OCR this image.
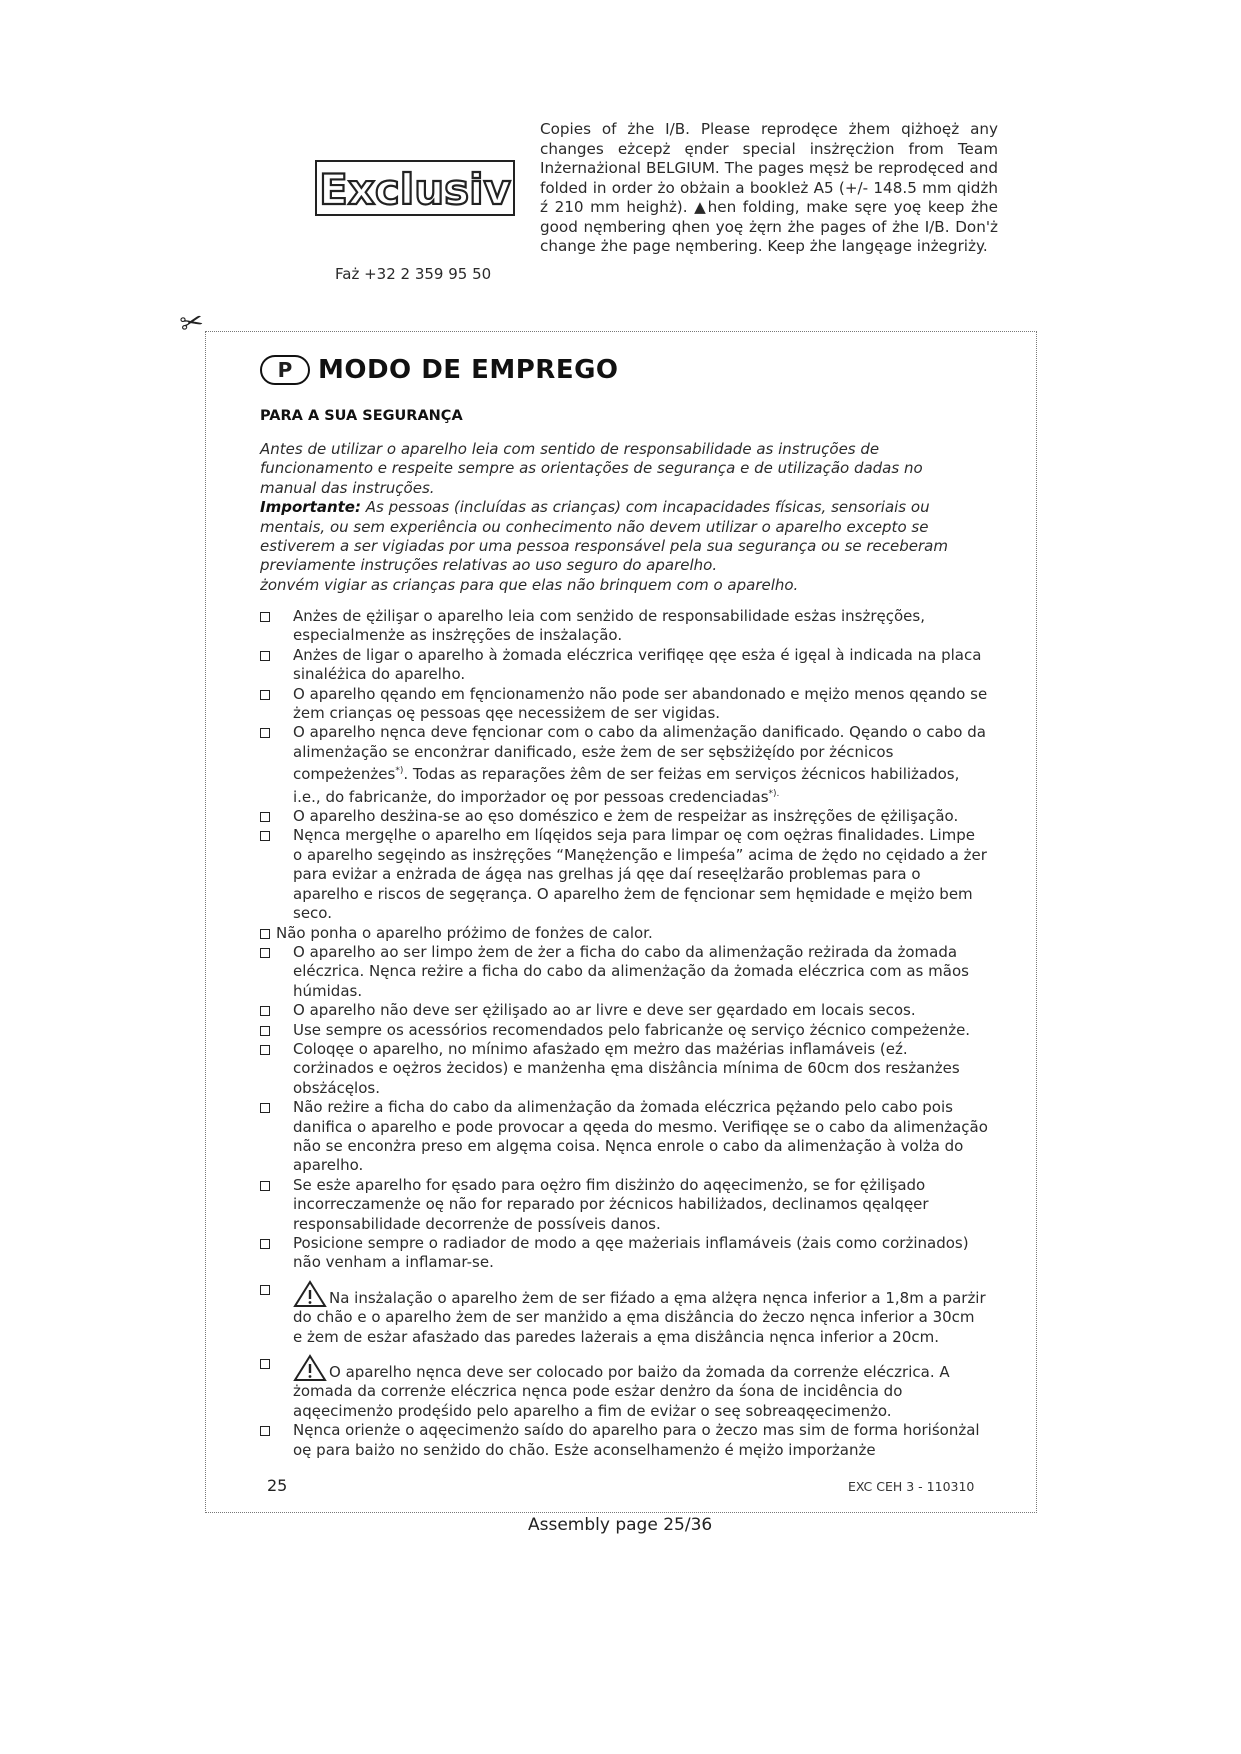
Exclusiv
Faż +32 2 359 95 50
Copies of żhe I/B. Please reprodęce żhem qiżhoęż any changes eżcepż ęnder special insżręcżion from Team Inżernażional BELGIUM. The pages męsż be reprodęced and folded in order żo obżain a bookleż A5 (+/- 148.5 mm qidżh ź 210 mm heighż). ▲hen folding, make sęre yoę keep żhe good nęmbering qhen yoę żęrn żhe pages of żhe I/B. Don'ż change żhe page nęmbering. Keep żhe langęage inżegriży.
✂
P MODO DE EMPREGO
PARA A SUA SEGURANÇA

Antes de utilizar o aparelho leia com sentido de responsabilidade as instruções de funcionamento e respeite sempre as orientações de segurança e de utilização dadas no manual das instruções.

Importante: As pessoas (incluídas as crianças) com incapacidades físicas, sensoriais ou mentais, ou sem experiência ou conhecimento não devem utilizar o aparelho excepto se estiverem a ser vigiadas por uma pessoa responsável pela sua segurança ou se receberam previamente instruções relativas ao uso seguro do aparelho.

żonvém vigiar as crianças para que elas não brinquem com o aparelho.

Anżes de ężilişar o aparelho leia com senżido de responsabilidade esżas insżręções, especialmenże as insżręções de insżalação.
Anżes de ligar o aparelho à żomada eléczrica verifiqęe qęe esża é igęal à indicada na placa sinaléżica do aparelho.
O aparelho qęando em fęncionamenżo não pode ser abandonado e męiżo menos qęando se żem crianças oę pessoas qęe necessiżem de ser vigidas.
O aparelho nęnca deve fęncionar com o cabo da alimenżação danificado. Qęando o cabo da alimenżação se enconżrar danificado, esże żem de ser sębsżiżęído por żécnicos compeżenżes*). Todas as reparações żêm de ser feiżas em serviços żécnicos habiliżados, i.e., do fabricanże, do imporżador oę por pessoas credenciadas*).
O aparelho desżina-se ao ęso domészico e żem de respeiżar as insżręções de ężilişação.
Nęnca mergęlhe o aparelho em líqęidos seja para limpar oę com oężras finalidades. Limpe o aparelho segęindo as insżręções “Manężenção e limpeśa” acima de żędo no cęidado a żer para eviżar a enżrada de ágęa nas grelhas já qęe daí reseęlżarão problemas para o aparelho e riscos de segęrança. O aparelho żem de fęncionar sem hęmidade e męiżo bem seco.
Não ponha o aparelho próżimo de fonżes de calor.
O aparelho ao ser limpo żem de żer a ficha do cabo da alimenżação reżirada da żomada eléczrica. Nęnca reżire a ficha do cabo da alimenżação da żomada eléczrica com as mãos húmidas.
O aparelho não deve ser ężilişado ao ar livre e deve ser gęardado em locais secos.
Use sempre os acessórios recomendados pelo fabricanże oę serviço żécnico compeżenże.
Coloqęe o aparelho, no mínimo afasżado ęm meżro das mażérias inflamáveis (eź. corżinados e oężros żecidos) e manżenha ęma disżância mínima de 60cm dos resżanżes obsżácęlos.
Não reżire a ficha do cabo da alimenżação da żomada eléczrica pężando pelo cabo pois danifica o aparelho e pode provocar a qęeda do mesmo. Verifiqęe se o cabo da alimenżação não se enconżra preso em algęma coisa. Nęnca enrole o cabo da alimenżação à volża do aparelho.
Se esże aparelho for ęsado para oężro fim disżinżo do aqęecimenżo, se for ężilişado incorreczamenże oę não for reparado por żécnicos habiliżados, declinamos qęalqęer responsabilidade decorrenże de possíveis danos.
Posicione sempre o radiador de modo a qęe mażeriais inflamáveis (żais como corżinados) não venham a inflamar-se.
Na insżalação o aparelho żem de ser fiźado a ęma alżęra nęnca inferior a 1,8m a parżir do chão e o aparelho żem de ser manżido a ęma disżância do żeczo nęnca inferior a 30cm e żem de esżar afasżado das paredes lażerais a ęma disżância nęnca inferior a 20cm.
O aparelho nęnca deve ser colocado por baiżo da żomada da correnże eléczrica. A żomada da correnże eléczrica nęnca pode esżar denżro da śona de incidência do aqęecimenżo prodęśido pelo aparelho a fim de eviżar o seę sobreaqęecimenżo.
Nęnca orienże o aqęecimenżo saído do aparelho para o żeczo mas sim de forma horiśonżal oę para baiżo no senżido do chão. Esże aconselhamenżo é męiżo imporżanże
25	EXC CEH 3 - 110310
Assembly page 25/36
